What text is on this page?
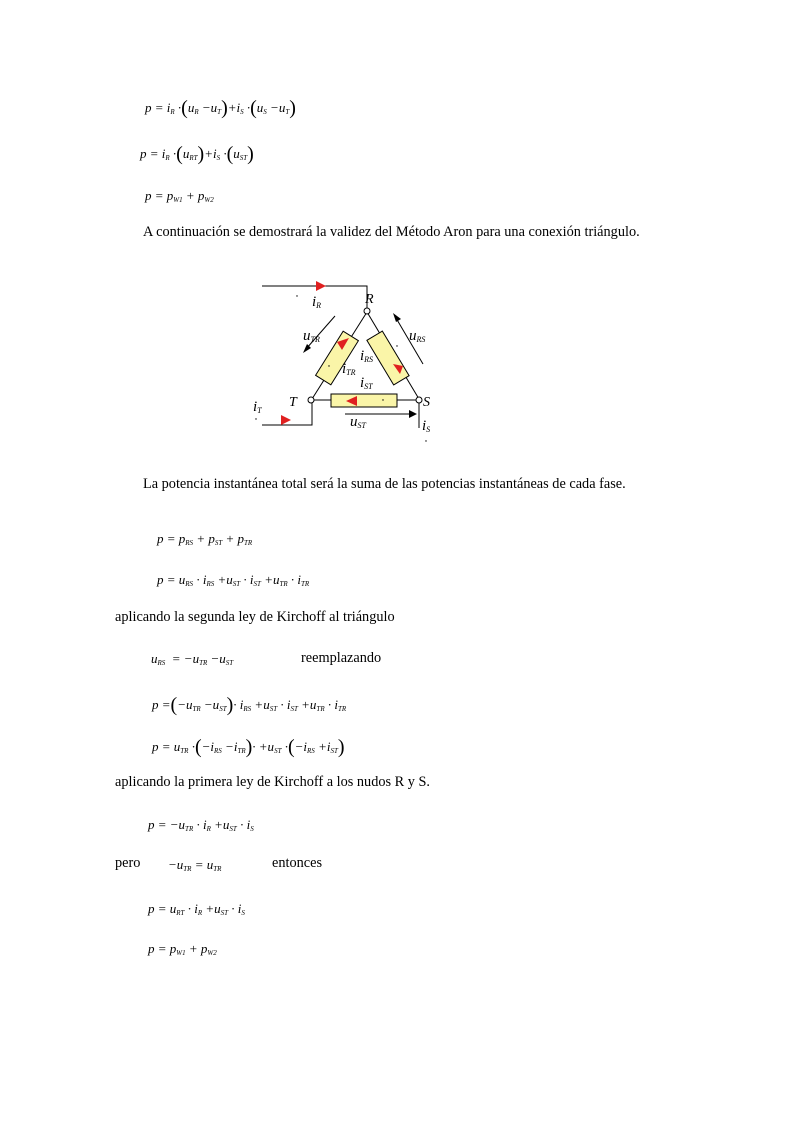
$p = i_R \cdot(u_R -u_T)+i_S \cdot(u_S -u_T)$
$p = i_R \cdot(u_{RT})+i_S \cdot(u_{ST})$
$p = p_{W1} + p_{W2}$
A continuación se demostrará la validez del Método Aron para una conexión triángulo.
R
T	S
iR
uTR	uRS
iRS
iTR
iST
iT
uST	iS
La potencia instantánea total será la suma de las potencias instantáneas de cada fase.
$p = p_{RS} + p_{ST} + p_{TR}$
$p = u_{RS} \cdot i_{RS} +u_{ST} \cdot i_{ST} +u_{TR} \cdot i_{TR}$
aplicando la segunda ley de Kirchoff al triángulo
$u_{RS} = -u_{TR} -u_{ST}$	reemplazando
$p =(-u_{TR} -u_{ST})\cdot i_{RS} +u_{ST} \cdot i_{ST} +u_{TR} \cdot i_{TR}$
$p = u_{TR} \cdot(-i_{RS} -i_{TR})\cdot +u_{ST} \cdot(-i_{RS} +i_{ST})$
aplicando la primera ley de Kirchoff a los nudos R y S.
$p = -u_{TR} \cdot i_R +u_{ST} \cdot i_S$
pero $-u_{TR} = u_{TR}$	entonces
$p = u_{RT} \cdot i_R +u_{ST} \cdot i_S$
$p = p_{W1} + p_{W2}$
